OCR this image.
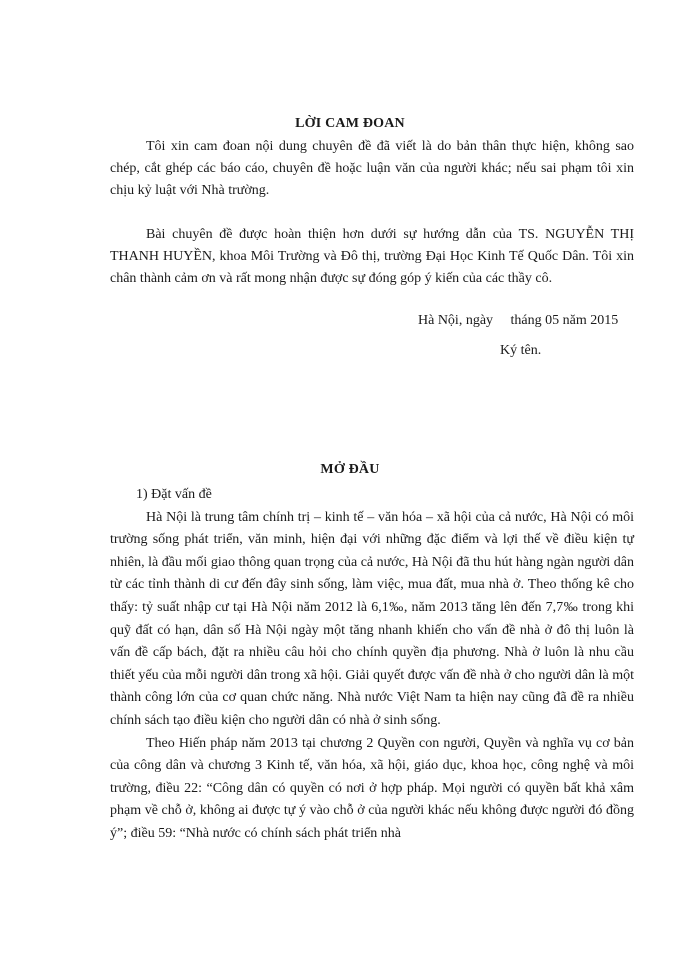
LỜI CAM ĐOAN

Tôi xin cam đoan nội dung chuyên đề đã viết là do bản thân thực hiện, không sao chép, cắt ghép các báo cáo, chuyên đề hoặc luận văn của người khác; nếu sai phạm tôi xin chịu kỷ luật với Nhà trường.

Bài chuyên đề được hoàn thiện hơn dưới sự hướng dẫn của TS. NGUYỄN THỊ THANH HUYỀN, khoa Môi Trường và Đô thị, trường Đại Học Kinh Tế Quốc Dân. Tôi xin chân thành cảm ơn và rất mong nhận được sự đóng góp ý kiến của các thầy cô.

Hà Nội, ngày     tháng 05 năm 2015
Ký tên.
MỞ ĐẦU

1) Đặt vấn đề

Hà Nội là trung tâm chính trị – kinh tế – văn hóa – xã hội của cả nước, Hà Nội có môi trường sống phát triển, văn minh, hiện đại với những đặc điểm và lợi thế về điều kiện tự nhiên, là đầu mối giao thông quan trọng của cả nước, Hà Nội đã thu hút hàng ngàn người dân từ các tỉnh thành di cư đến đây sinh sống, làm việc, mua đất, mua nhà ở. Theo thống kê cho thấy: tỷ suất nhập cư tại Hà Nội năm 2012 là 6,1‰, năm 2013 tăng lên đến 7,7‰ trong khi quỹ đất có hạn, dân số Hà Nội ngày một tăng nhanh khiến cho vấn đề nhà ở đô thị luôn là vấn đề cấp bách, đặt ra nhiều câu hỏi cho chính quyền địa phương. Nhà ở luôn là nhu cầu thiết yếu của mỗi người dân trong xã hội. Giải quyết được vấn đề nhà ở cho người dân là một thành công lớn của cơ quan chức năng. Nhà nước Việt Nam ta hiện nay cũng đã đề ra nhiều chính sách tạo điều kiện cho người dân có nhà ở sinh sống.

Theo Hiến pháp năm 2013 tại chương 2 Quyền con người, Quyền và nghĩa vụ cơ bản của công dân và chương 3 Kinh tế, văn hóa, xã hội, giáo dục, khoa học, công nghệ và môi trường, điều 22: “Công dân có quyền có nơi ở hợp pháp. Mọi người có quyền bất khả xâm phạm về chỗ ở, không ai được tự ý vào chỗ ở của người khác nếu không được người đó đồng ý”; điều 59: “Nhà nước có chính sách phát triển nhà
